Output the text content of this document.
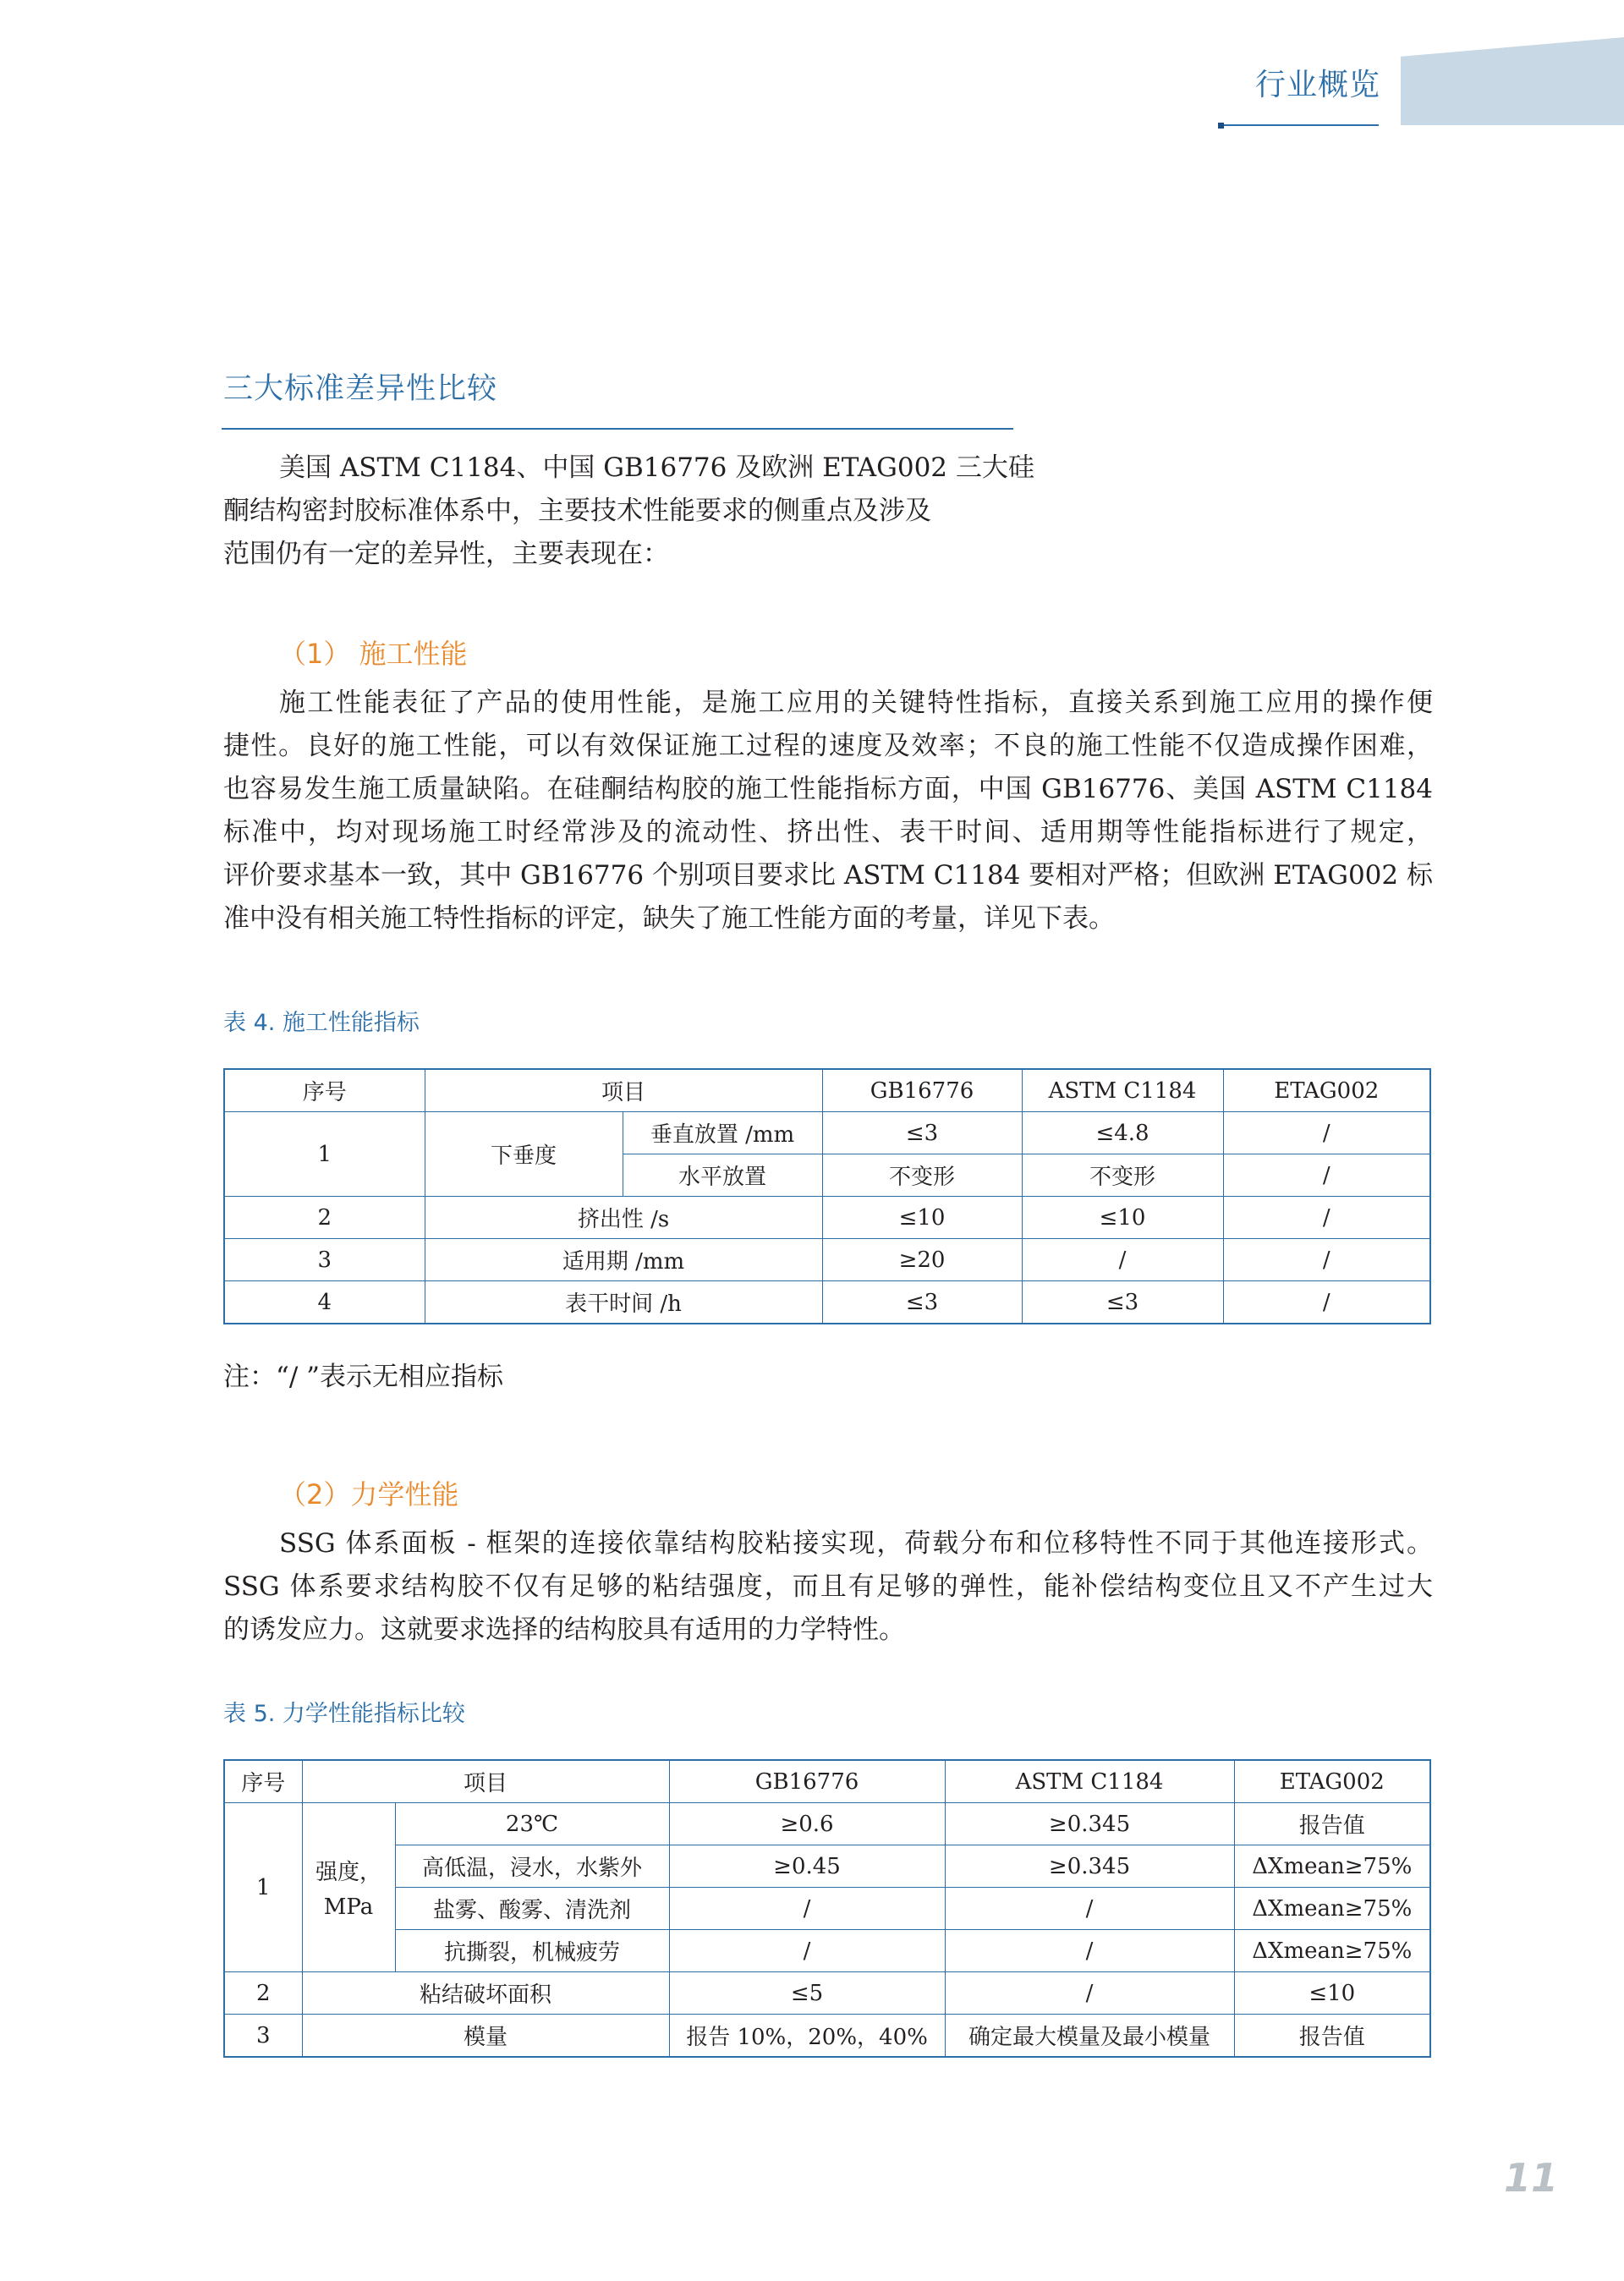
行业概览
三大标准差异性比较
美国 ASTM C1184、中国 GB16776 及欧洲 ETAG002 三大硅
酮结构密封胶标准体系中，主要技术性能要求的侧重点及涉及
范围仍有一定的差异性，主要表现在：
（1） 施工性能
施工性能表征了产品的使用性能，是施工应用的关键特性指标，直接关系到施工应用的操作便
捷性。良好的施工性能，可以有效保证施工过程的速度及效率；不良的施工性能不仅造成操作困难，
也容易发生施工质量缺陷。在硅酮结构胶的施工性能指标方面，中国 GB16776、美国 ASTM C1184
标准中，均对现场施工时经常涉及的流动性、挤出性、表干时间、适用期等性能指标进行了规定，
评价要求基本一致，其中 GB16776 个别项目要求比 ASTM C1184 要相对严格；但欧洲 ETAG002 标
准中没有相关施工特性指标的评定，缺失了施工性能方面的考量，详见下表。
表 4. 施工性能指标
序号	项目		GB16776	ASTM C1184	ETAG002
1	下垂度	垂直放置 /mm	≤3	≤4.8	/
		水平放置	不变形	不变形	/
2	挤出性 /s		≤10	≤10	/
3	适用期 /mm		≥20	/	/
4	表干时间 /h		≤3	≤3	/
注：“/ ”表示无相应指标
（2）力学性能
SSG 体系面板 - 框架的连接依靠结构胶粘接实现，荷载分布和位移特性不同于其他连接形式。
SSG 体系要求结构胶不仅有足够的粘结强度，而且有足够的弹性，能补偿结构变位且又不产生过大
的诱发应力。这就要求选择的结构胶具有适用的力学特性。
表 5. 力学性能指标比较
序号	项目		GB16776	ASTM C1184	ETAG002
1	强度，
MPa	23℃	≥0.6	≥0.345	报告值
		高低温，浸水，水紫外	≥0.45	≥0.345	ΔXmean≥75%
		盐雾、酸雾、清洗剂	/	/	ΔXmean≥75%
		抗撕裂，机械疲劳	/	/	ΔXmean≥75%
2	粘结破坏面积		≤5	/	≤10
3	模量		报告 10%，20%，40%	确定最大模量及最小模量	报告值
11
